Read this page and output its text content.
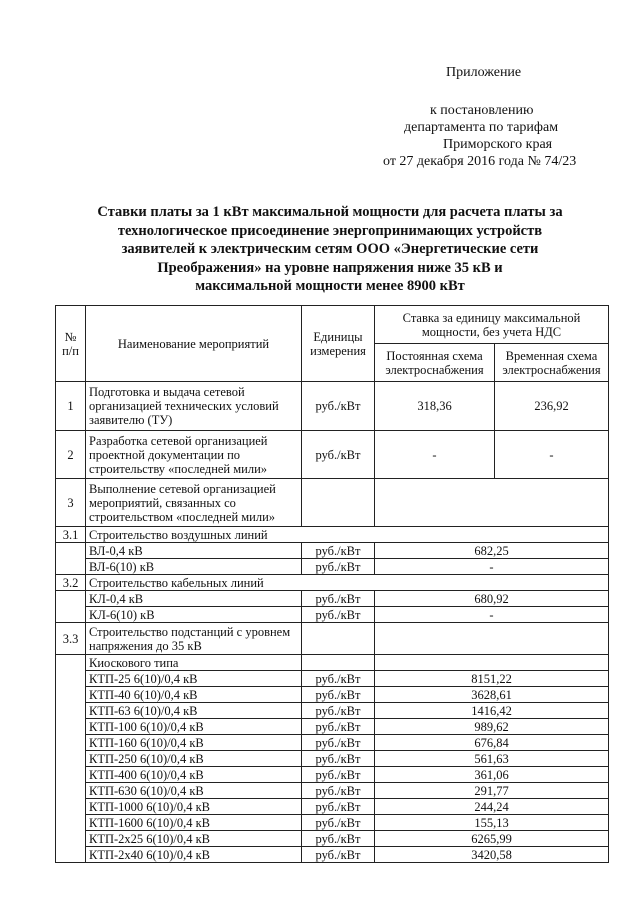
Приложение
к постановлению
департамента по тарифам
Приморского края
от 27 декабря 2016 года № 74/23
Ставки платы за 1 кВт максимальной мощности для расчета платы за
технологическое присоединение энергопринимающих устройств
заявителей к электрическим сетям ООО «Энергетические сети
Преображения» на уровне напряжения ниже 35 кВ и
максимальной мощности менее 8900 кВт
№ п/п	Наименование мероприятий	Единицы измерения	Ставка за единицу максимальной мощности, без учета НДС	
			Постоянная схема электроснабжения	Временная схема электроснабжения
1	Подготовка и выдача сетевой организацией технических условий заявителю (ТУ)	руб./кВт	318,36	236,92
2	Разработка сетевой организацией проектной документации по строительству «последней мили»	руб./кВт	-	-
3	Выполнение сетевой организацией мероприятий, связанных со строительством «последней мили»			
3.1	Строительство воздушных линий			
	ВЛ-0,4 кВ	руб./кВт	682,25	
	ВЛ-6(10) кВ	руб./кВт	-	
3.2	Строительство кабельных линий			
	КЛ-0,4 кВ	руб./кВт	680,92	
	КЛ-6(10) кВ	руб./кВт	-	
3.3	Строительство подстанций с уровнем напряжения до 35 кВ			
	Киоскового типа			
	КТП-25 6(10)/0,4 кВ	руб./кВт	8151,22	
	КТП-40 6(10)/0,4 кВ	руб./кВт	3628,61	
	КТП-63 6(10)/0,4 кВ	руб./кВт	1416,42	
	КТП-100 6(10)/0,4 кВ	руб./кВт	989,62	
	КТП-160 6(10)/0,4 кВ	руб./кВт	676,84	
	КТП-250 6(10)/0,4 кВ	руб./кВт	561,63	
	КТП-400 6(10)/0,4 кВ	руб./кВт	361,06	
	КТП-630 6(10)/0,4 кВ	руб./кВт	291,77	
	КТП-1000 6(10)/0,4 кВ	руб./кВт	244,24	
	КТП-1600 6(10)/0,4 кВ	руб./кВт	155,13	
	КТП-2х25 6(10)/0,4 кВ	руб./кВт	6265,99	
	КТП-2х40 6(10)/0,4 кВ	руб./кВт	3420,58	
